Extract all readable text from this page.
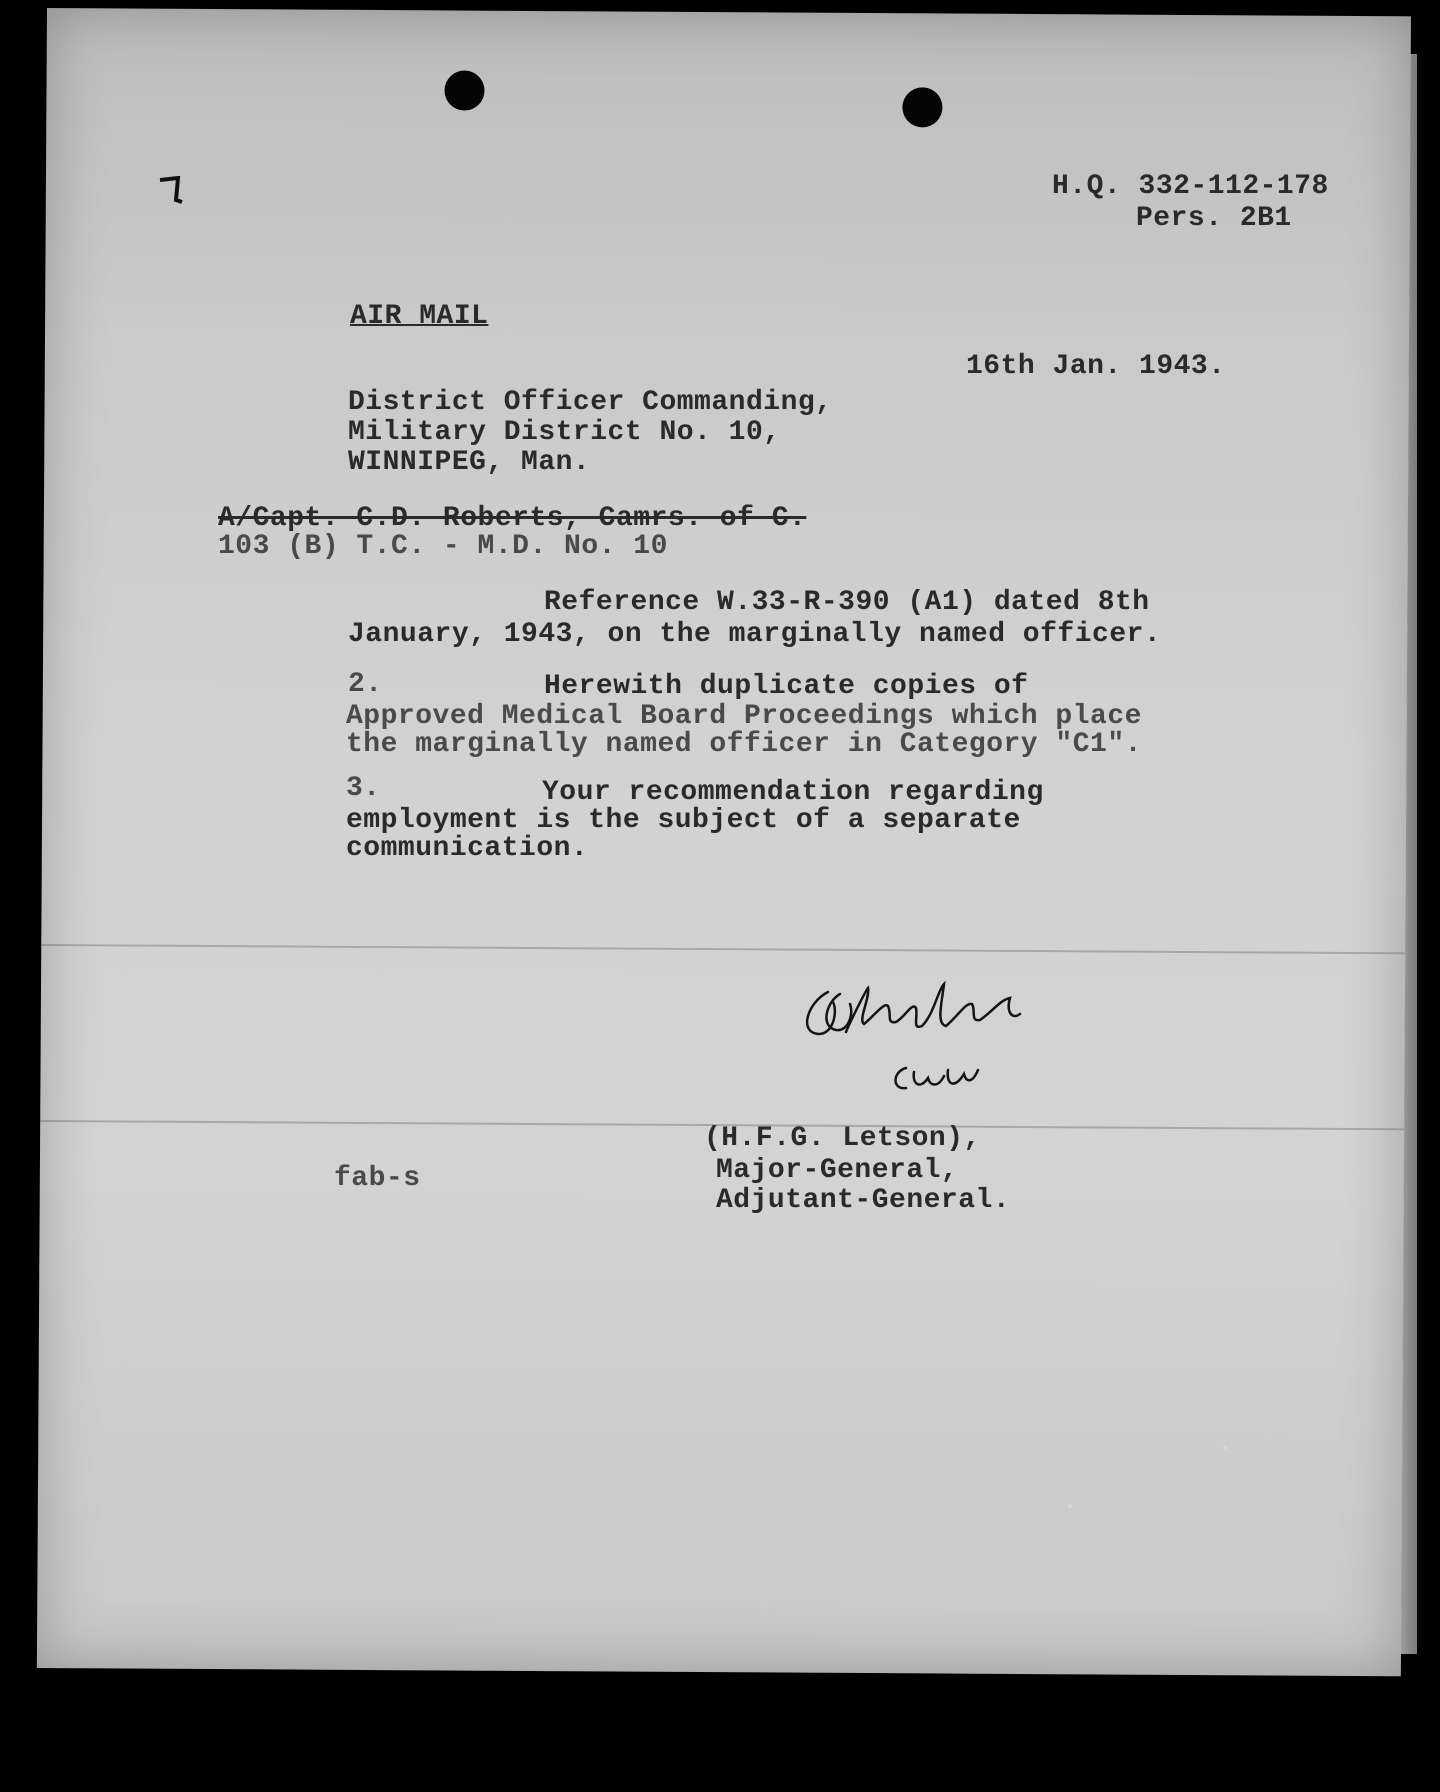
H.Q. 332-112-178
Pers. 2B1
AIR MAIL
16th Jan. 1943.
District Officer Commanding,
Military District No. 10,
WINNIPEG, Man.
A/Capt. C.D. Roberts, Camrs. of C.
103 (B) T.C. - M.D. No. 10
Reference W.33-R-390 (A1) dated 8th
January, 1943, on the marginally named officer.
2.	Herewith duplicate copies of
Approved Medical Board Proceedings which place
the marginally named officer in Category "C1".
3.	Your recommendation regarding
employment is the subject of a separate
communication.
(H.F.G. Letson),
fab-s	Major-General,
Adjutant-General.
